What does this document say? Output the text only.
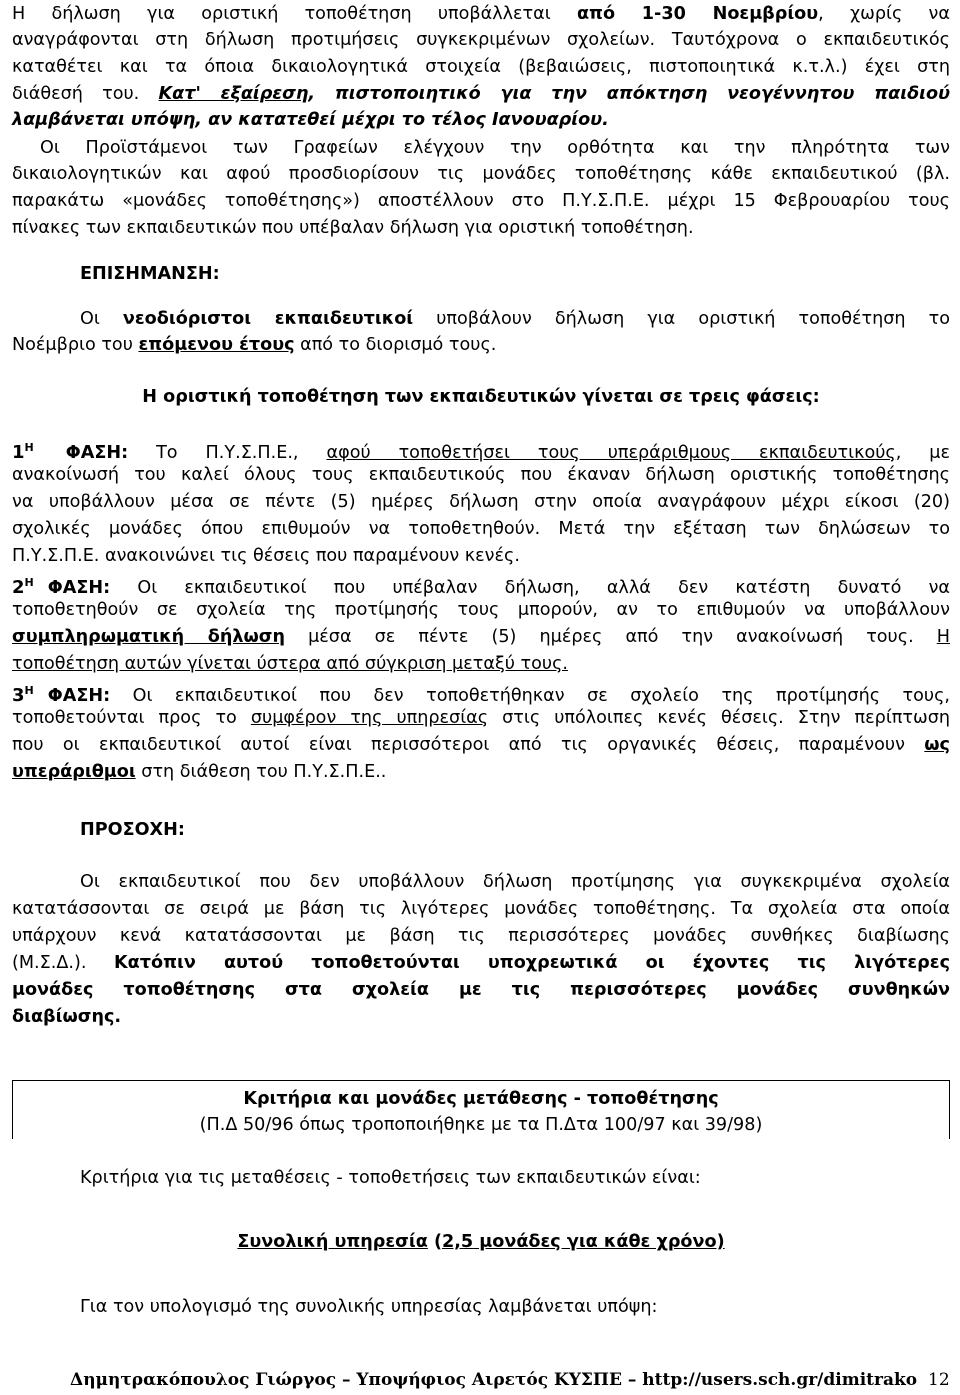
Η δήλωση για οριστική τοποθέτηση υποβάλλεται από 1-30 Νοεμβρίου, χωρίς να
αναγράφονται στη δήλωση προτιμήσεις συγκεκριμένων σχολείων. Ταυτόχρονα ο εκπαιδευτικός
καταθέτει και τα όποια δικαιολογητικά στοιχεία (βεβαιώσεις, πιστοποιητικά κ.τ.λ.) έχει στη
διάθεσή του. Κατ' εξαίρεση, πιστοποιητικό για την απόκτηση νεογέννητου παιδιού
λαμβάνεται υπόψη, αν κατατεθεί μέχρι το τέλος Ιανουαρίου.
Οι Προϊστάμενοι των Γραφείων ελέγχουν την ορθότητα και την πληρότητα των
δικαιολογητικών και αφού προσδιορίσουν τις μονάδες τοποθέτησης κάθε εκπαιδευτικού (βλ.
παρακάτω «μονάδες τοποθέτησης») αποστέλλουν στο Π.Υ.Σ.Π.Ε. μέχρι 15 Φεβρουαρίου τους
πίνακες των εκπαιδευτικών που υπέβαλαν δήλωση για οριστική τοποθέτηση.
ΕΠΙΣΗΜΑΝΣΗ:
Οι νεοδιόριστοι εκπαιδευτικοί υποβάλουν δήλωση για οριστική τοποθέτηση το
Νοέμβριο του επόμενου έτους από το διορισμό τους.
Η οριστική τοποθέτηση των εκπαιδευτικών γίνεται σε τρεις φάσεις:
$1^H$ ΦΑΣΗ: Το Π.Υ.Σ.Π.Ε., αφού τοποθετήσει τους υπεράριθμους εκπαιδευτικούς, με
ανακοίνωσή του καλεί όλους τους εκπαιδευτικούς που έκαναν δήλωση οριστικής τοποθέτησης
να υποβάλλουν μέσα σε πέντε (5) ημέρες δήλωση στην οποία αναγράφουν μέχρι είκοσι (20)
σχολικές μονάδες όπου επιθυμούν να τοποθετηθούν. Μετά την εξέταση των δηλώσεων το
Π.Υ.Σ.Π.Ε. ανακοινώνει τις θέσεις που παραμένουν κενές.
$2^H$ ΦΑΣΗ: Οι εκπαιδευτικοί που υπέβαλαν δήλωση, αλλά δεν κατέστη δυνατό να
τοποθετηθούν σε σχολεία της προτίμησής τους μπορούν, αν το επιθυμούν να υποβάλλουν
συμπληρωματική δήλωση μέσα σε πέντε (5) ημέρες από την ανακοίνωσή τους. Η
τοποθέτηση αυτών γίνεται ύστερα από σύγκριση μεταξύ τους.
$3^H$ ΦΑΣΗ: Οι εκπαιδευτικοί που δεν τοποθετήθηκαν σε σχολείο της προτίμησής τους,
τοποθετούνται προς το συμφέρον της υπηρεσίας στις υπόλοιπες κενές θέσεις. Στην περίπτωση
που οι εκπαιδευτικοί αυτοί είναι περισσότεροι από τις οργανικές θέσεις, παραμένουν ως
υπεράριθμοι στη διάθεση του Π.Υ.Σ.Π.Ε..
ΠΡΟΣΟΧΗ:
Οι εκπαιδευτικοί που δεν υποβάλλουν δήλωση προτίμησης για συγκεκριμένα σχολεία
κατατάσσονται σε σειρά με βάση τις λιγότερες μονάδες τοποθέτησης. Τα σχολεία στα οποία
υπάρχουν κενά κατατάσσονται με βάση τις περισσότερες μονάδες συνθήκες διαβίωσης
(Μ.Σ.Δ.). Κατόπιν αυτού τοποθετούνται υποχρεωτικά οι έχοντες τις λιγότερες
μονάδες τοποθέτησης στα σχολεία με τις περισσότερες μονάδες συνθηκών
διαβίωσης.
Κριτήρια και μονάδες μετάθεσης - τοποθέτησης
(Π.Δ 50/96 όπως τροποποιήθηκε με τα Π.Δτα 100/97 και 39/98)
Κριτήρια για τις μεταθέσεις - τοποθετήσεις των εκπαιδευτικών είναι:
Συνολική υπηρεσία (2,5 μονάδες για κάθε χρόνο)
Για τον υπολογισμό της συνολικής υπηρεσίας λαμβάνεται υπόψη:
Δημητρακόπουλος Γιώργος – Υποψήφιος Αιρετός ΚΥΣΠΕ – http://users.sch.gr/dimitrako 12
